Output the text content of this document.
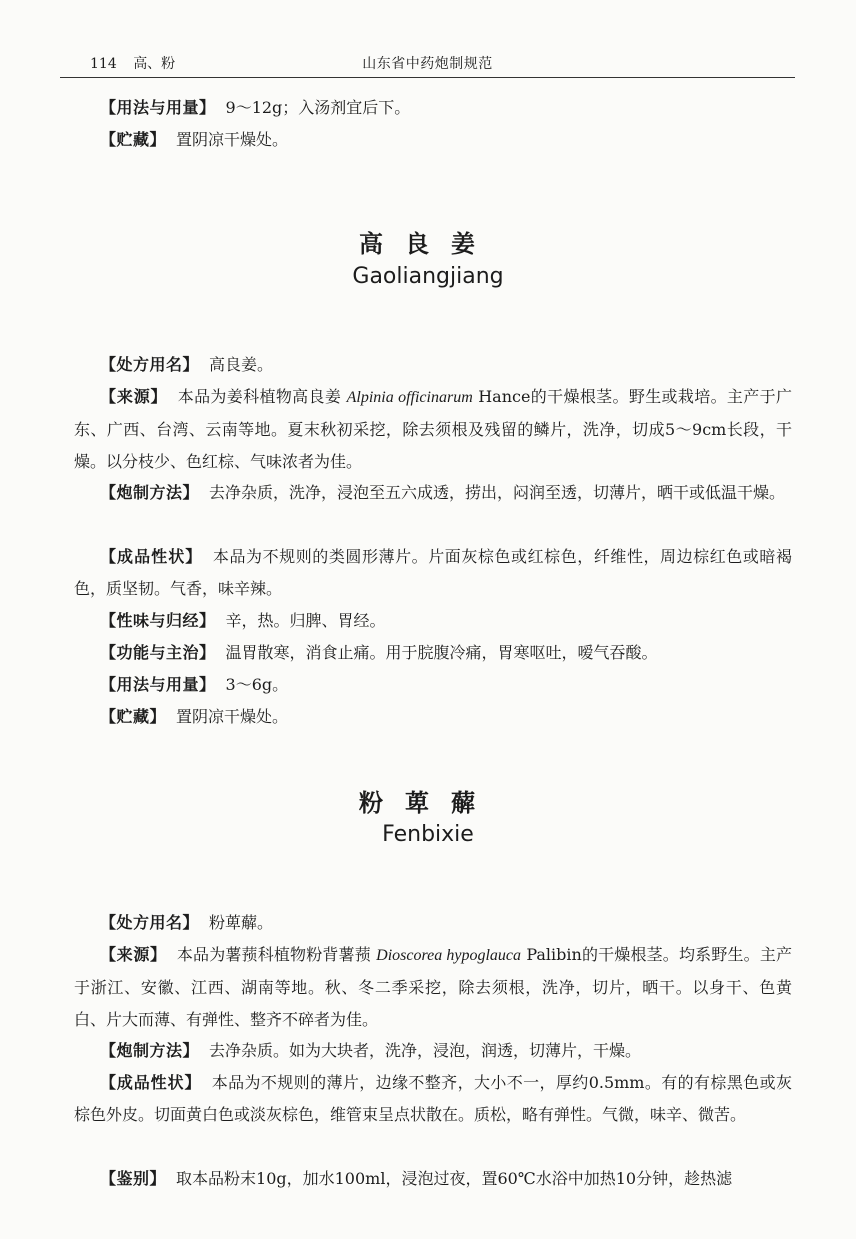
114 高、粉	山东省中药炮制规范
【用法与用量】 9～12g；入汤剂宜后下。
【贮藏】 置阴凉干燥处。
高良姜
Gaoliangjiang
【处方用名】 高良姜。
【来源】 本品为姜科植物高良姜 Alpinia officinarum Hance的干燥根茎。野生或栽培。主产于广东、广西、台湾、云南等地。夏末秋初采挖，除去须根及残留的鳞片，洗净，切成5～9cm长段，干燥。以分枝少、色红棕、气味浓者为佳。
【炮制方法】 去净杂质，洗净，浸泡至五六成透，捞出，闷润至透，切薄片，晒干或低温干燥。
【成品性状】 本品为不规则的类圆形薄片。片面灰棕色或红棕色，纤维性，周边棕红色或暗褐色，质坚韧。气香，味辛辣。
【性味与归经】 辛，热。归脾、胃经。
【功能与主治】 温胃散寒，消食止痛。用于脘腹冷痛，胃寒呕吐，嗳气吞酸。
【用法与用量】 3～6g。
【贮藏】 置阴凉干燥处。
粉萆薢
Fenbixie
【处方用名】 粉萆薢。
【来源】 本品为薯蓣科植物粉背薯蓣 Dioscorea hypoglauca Palibin的干燥根茎。均系野生。主产于浙江、安徽、江西、湖南等地。秋、冬二季采挖，除去须根，洗净，切片，晒干。以身干、色黄白、片大而薄、有弹性、整齐不碎者为佳。
【炮制方法】 去净杂质。如为大块者，洗净，浸泡，润透，切薄片，干燥。
【成品性状】 本品为不规则的薄片，边缘不整齐，大小不一，厚约0.5mm。有的有棕黑色或灰棕色外皮。切面黄白色或淡灰棕色，维管束呈点状散在。质松，略有弹性。气微，味辛、微苦。
【鉴别】 取本品粉末10g，加水100ml，浸泡过夜，置60℃水浴中加热10分钟，趁热滤
